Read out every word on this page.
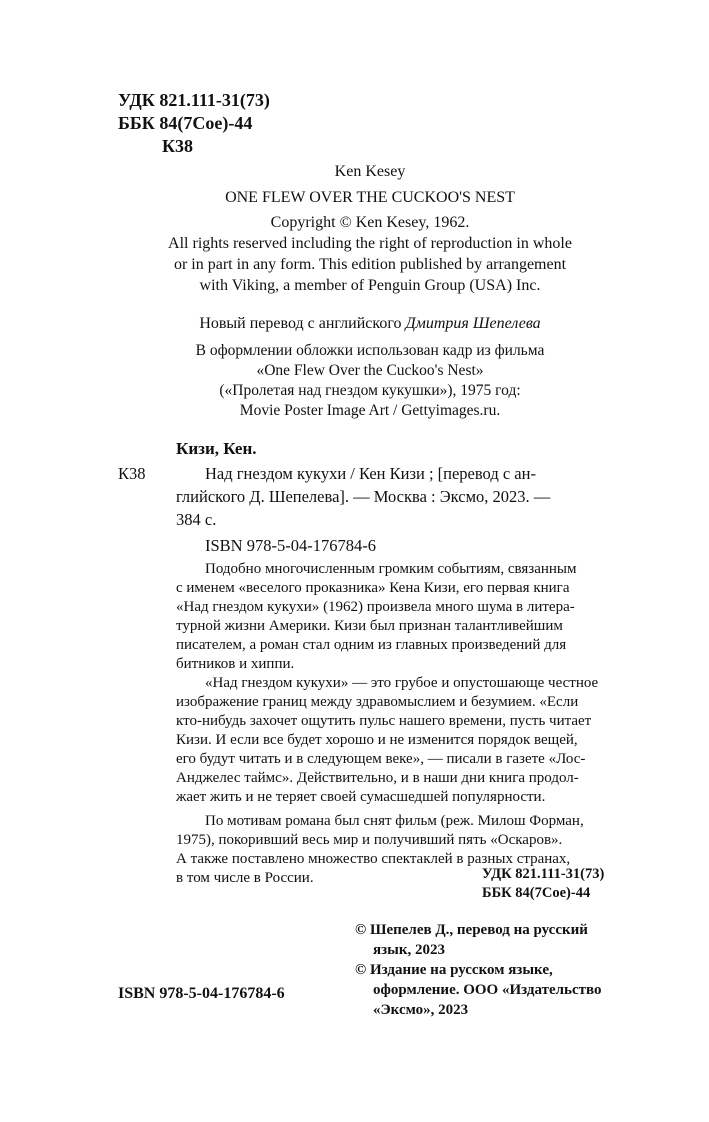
УДК 821.111-31(73)
ББК 84(7Сое)-44
К38
Ken Kesey
ONE FLEW OVER THE CUCKOO'S NEST
Copyright © Ken Kesey, 1962.
All rights reserved including the right of reproduction in whole
or in part in any form. This edition published by arrangement
with Viking, a member of Penguin Group (USA) Inc.
Новый перевод с английского Дмитрия Шепелева
В оформлении обложки использован кадр из фильма
«One Flew Over the Cuckoo's Nest»
(«Пролетая над гнездом кукушки»), 1975 год:
Movie Poster Image Art / Gettyimages.ru.
Кизи, Кен.
К38	Над гнездом кукухи / Кен Кизи ; [перевод с ан-
глийского Д. Шепелева]. — Москва : Эксмо, 2023. —
384 с.
ISBN 978-5-04-176784-6
Подобно многочисленным громким событиям, связанным
с именем «веселого проказника» Кена Кизи, его первая книга
«Над гнездом кукухи» (1962) произвела много шума в литера-
турной жизни Америки. Кизи был признан талантливейшим
писателем, а роман стал одним из главных произведений для
битников и хиппи.
«Над гнездом кукухи» — это грубое и опустошающе честное
изображение границ между здравомыслием и безумием. «Если
кто-нибудь захочет ощутить пульс нашего времени, пусть читает
Кизи. И если все будет хорошо и не изменится порядок вещей,
его будут читать и в следующем веке», — писали в газете «Лос-
Анджелес таймс». Действительно, и в наши дни книга продол-
жает жить и не теряет своей сумасшедшей популярности.
По мотивам романа был снят фильм (реж. Милош Форман,
1975), покоривший весь мир и получивший пять «Оскаров».
А также поставлено множество спектаклей в разных странах,
в том числе в России.	УДК 821.111-31(73)
ББК 84(7Сое)-44
© Шепелев Д., перевод на русский
язык, 2023
© Издание на русском языке,
оформление. ООО «Издательство
«Эксмо», 2023
ISBN 978-5-04-176784-6
